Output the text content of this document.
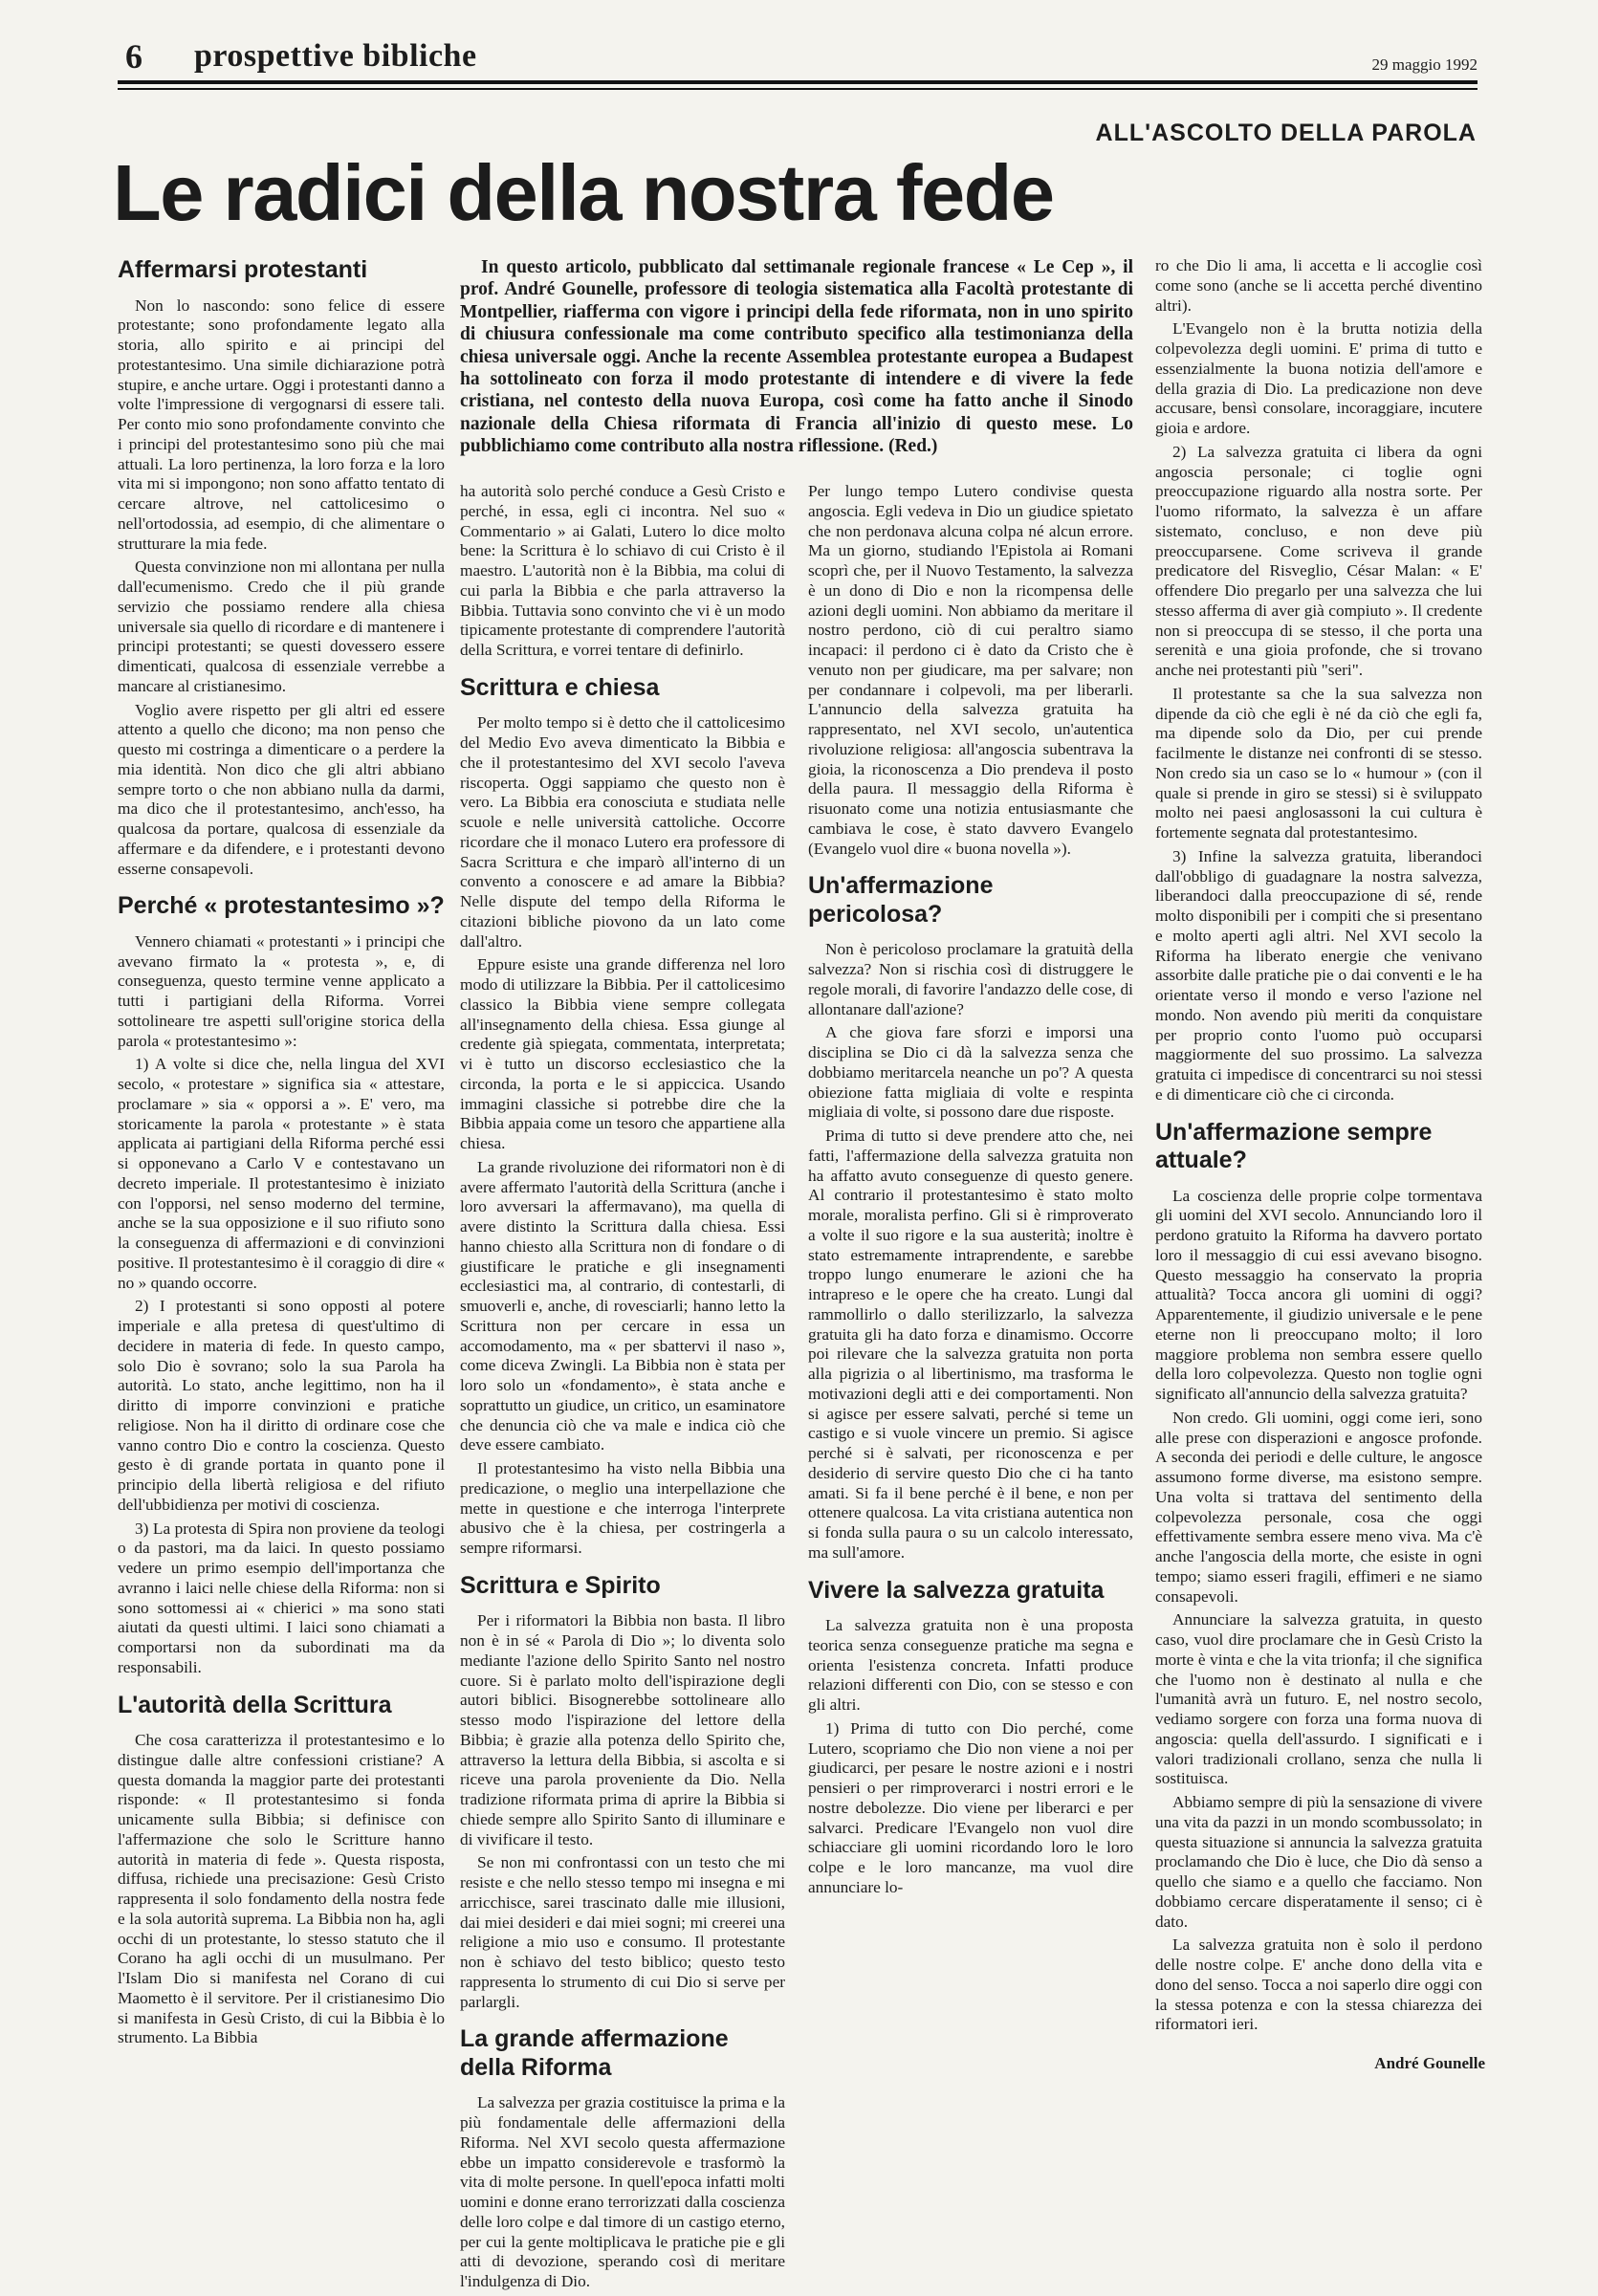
6 prospettive bibliche	29 maggio 1992
ALL'ASCOLTO DELLA PAROLA
Le radici della nostra fede
Affermarsi protestanti

Non lo nascondo: sono felice di essere protestante; sono profondamente legato alla storia, allo spirito e ai principi del protestantesimo. Una simile dichiarazione potrà stupire, e anche urtare. Oggi i protestanti danno a volte l'impressione di vergognarsi di essere tali. Per conto mio sono profondamente convinto che i principi del protestantesimo sono più che mai attuali. La loro pertinenza, la loro forza e la loro vita mi si impongono; non sono affatto tentato di cercare altrove, nel cattolicesimo o nell'ortodossia, ad esempio, di che alimentare o strutturare la mia fede.

Questa convinzione non mi allontana per nulla dall'ecumenismo. Credo che il più grande servizio che possiamo rendere alla chiesa universale sia quello di ricordare e di mantenere i principi protestanti; se questi dovessero essere dimenticati, qualcosa di essenziale verrebbe a mancare al cristianesimo.

Voglio avere rispetto per gli altri ed essere attento a quello che dicono; ma non penso che questo mi costringa a dimenticare o a perdere la mia identità. Non dico che gli altri abbiano sempre torto o che non abbiano nulla da darmi, ma dico che il protestantesimo, anch'esso, ha qualcosa da portare, qualcosa di essenziale da affermare e da difendere, e i protestanti devono esserne consapevoli.

Perché « protestantesimo »?

Vennero chiamati « protestanti » i principi che avevano firmato la « protesta », e, di conseguenza, questo termine venne applicato a tutti i partigiani della Riforma. Vorrei sottolineare tre aspetti sull'origine storica della parola « protestantesimo »:

1) A volte si dice che, nella lingua del XVI secolo, « protestare » significa sia « attestare, proclamare » sia « opporsi a ». E' vero, ma storicamente la parola « protestante » è stata applicata ai partigiani della Riforma perché essi si opponevano a Carlo V e contestavano un decreto imperiale. Il protestantesimo è iniziato con l'opporsi, nel senso moderno del termine, anche se la sua opposizione e il suo rifiuto sono la conseguenza di affermazioni e di convinzioni positive. Il protestantesimo è il coraggio di dire « no » quando occorre.

2) I protestanti si sono opposti al potere imperiale e alla pretesa di quest'ultimo di decidere in materia di fede. In questo campo, solo Dio è sovrano; solo la sua Parola ha autorità. Lo stato, anche legittimo, non ha il diritto di imporre convinzioni e pratiche religiose. Non ha il diritto di ordinare cose che vanno contro Dio e contro la coscienza. Questo gesto è di grande portata in quanto pone il principio della libertà religiosa e del rifiuto dell'ubbidienza per motivi di coscienza.

3) La protesta di Spira non proviene da teologi o da pastori, ma da laici. In questo possiamo vedere un primo esempio dell'importanza che avranno i laici nelle chiese della Riforma: non si sono sottomessi ai « chierici » ma sono stati aiutati da questi ultimi. I laici sono chiamati a comportarsi non da subordinati ma da responsabili.

L'autorità della Scrittura

Che cosa caratterizza il protestantesimo e lo distingue dalle altre confessioni cristiane? A questa domanda la maggior parte dei protestanti risponde: « Il protestantesimo si fonda unicamente sulla Bibbia; si definisce con l'affermazione che solo le Scritture hanno autorità in materia di fede ». Questa risposta, diffusa, richiede una precisazione: Gesù Cristo rappresenta il solo fondamento della nostra fede e la sola autorità suprema. La Bibbia non ha, agli occhi di un protestante, lo stesso statuto che il Corano ha agli occhi di un musulmano. Per l'Islam Dio si manifesta nel Corano di cui Maometto è il servitore. Per il cristianesimo Dio si manifesta in Gesù Cristo, di cui la Bibbia è lo strumento. La Bibbia

In questo articolo, pubblicato dal settimanale regionale francese « Le Cep », il prof. André Gounelle, professore di teologia sistematica alla Facoltà protestante di Montpellier, riafferma con vigore i principi della fede riformata, non in uno spirito di chiusura confessionale ma come contributo specifico alla testimonianza della chiesa universale oggi. Anche la recente Assemblea protestante europea a Budapest ha sottolineato con forza il modo protestante di intendere e di vivere la fede cristiana, nel contesto della nuova Europa, così come ha fatto anche il Sinodo nazionale della Chiesa riformata di Francia all'inizio di questo mese. Lo pubblichiamo come contributo alla nostra riflessione. (Red.)

ha autorità solo perché conduce a Gesù Cristo e perché, in essa, egli ci incontra. Nel suo « Commentario » ai Galati, Lutero lo dice molto bene: la Scrittura è lo schiavo di cui Cristo è il maestro. L'autorità non è la Bibbia, ma colui di cui parla la Bibbia e che parla attraverso la Bibbia. Tuttavia sono convinto che vi è un modo tipicamente protestante di comprendere l'autorità della Scrittura, e vorrei tentare di definirlo.

Scrittura e chiesa

Per molto tempo si è detto che il cattolicesimo del Medio Evo aveva dimenticato la Bibbia e che il protestantesimo del XVI secolo l'aveva riscoperta. Oggi sappiamo che questo non è vero. La Bibbia era conosciuta e studiata nelle scuole e nelle università cattoliche. Occorre ricordare che il monaco Lutero era professore di Sacra Scrittura e che imparò all'interno di un convento a conoscere e ad amare la Bibbia? Nelle dispute del tempo della Riforma le citazioni bibliche piovono da un lato come dall'altro.

Eppure esiste una grande differenza nel loro modo di utilizzare la Bibbia. Per il cattolicesimo classico la Bibbia viene sempre collegata all'insegnamento della chiesa. Essa giunge al credente già spiegata, commentata, interpretata; vi è tutto un discorso ecclesiastico che la circonda, la porta e le si appiccica. Usando immagini classiche si potrebbe dire che la Bibbia appaia come un tesoro che appartiene alla chiesa.

La grande rivoluzione dei riformatori non è di avere affermato l'autorità della Scrittura (anche i loro avversari la affermavano), ma quella di avere distinto la Scrittura dalla chiesa. Essi hanno chiesto alla Scrittura non di fondare o di giustificare le pratiche e gli insegnamenti ecclesiastici ma, al contrario, di contestarli, di smuoverli e, anche, di rovesciarli; hanno letto la Scrittura non per cercare in essa un accomodamento, ma « per sbattervi il naso », come diceva Zwingli. La Bibbia non è stata per loro solo un «fondamento», è stata anche e soprattutto un giudice, un critico, un esaminatore che denuncia ciò che va male e indica ciò che deve essere cambiato.

Il protestantesimo ha visto nella Bibbia una predicazione, o meglio una interpellazione che mette in questione e che interroga l'interprete abusivo che è la chiesa, per costringerla a sempre riformarsi.

Scrittura e Spirito

Per i riformatori la Bibbia non basta. Il libro non è in sé « Parola di Dio »; lo diventa solo mediante l'azione dello Spirito Santo nel nostro cuore. Si è parlato molto dell'ispirazione degli autori biblici. Bisognerebbe sottolineare allo stesso modo l'ispirazione del lettore della Bibbia; è grazie alla potenza dello Spirito che, attraverso la lettura della Bibbia, si ascolta e si riceve una parola proveniente da Dio. Nella tradizione riformata prima di aprire la Bibbia si chiede sempre allo Spirito Santo di illuminare e di vivificare il testo.

Se non mi confrontassi con un testo che mi resiste e che nello stesso tempo mi insegna e mi arricchisce, sarei trascinato dalle mie illusioni, dai miei desideri e dai miei sogni; mi creerei una religione a mio uso e consumo. Il protestante non è schiavo del testo biblico; questo testo rappresenta lo strumento di cui Dio si serve per parlargli.

La grande affermazione della Riforma

La salvezza per grazia costituisce la prima e la più fondamentale delle affermazioni della Riforma. Nel XVI secolo questa affermazione ebbe un impatto considerevole e trasformò la vita di molte persone. In quell'epoca infatti molti uomini e donne erano terrorizzati dalla coscienza delle loro colpe e dal timore di un castigo eterno, per cui la gente moltiplicava le pratiche pie e gli atti di devozione, sperando così di meritare l'indulgenza di Dio.

Per lungo tempo Lutero condivise questa angoscia. Egli vedeva in Dio un giudice spietato che non perdonava alcuna colpa né alcun errore. Ma un giorno, studiando l'Epistola ai Romani scoprì che, per il Nuovo Testamento, la salvezza è un dono di Dio e non la ricompensa delle azioni degli uomini. Non abbiamo da meritare il nostro perdono, ciò di cui peraltro siamo incapaci: il perdono ci è dato da Cristo che è venuto non per giudicare, ma per salvare; non per condannare i colpevoli, ma per liberarli. L'annuncio della salvezza gratuita ha rappresentato, nel XVI secolo, un'autentica rivoluzione religiosa: all'angoscia subentrava la gioia, la riconoscenza a Dio prendeva il posto della paura. Il messaggio della Riforma è risuonato come una notizia entusiasmante che cambiava le cose, è stato davvero Evangelo (Evangelo vuol dire « buona novella »).

Un'affermazione pericolosa?

Non è pericoloso proclamare la gratuità della salvezza? Non si rischia così di distruggere le regole morali, di favorire l'andazzo delle cose, di allontanare dall'azione?

A che giova fare sforzi e imporsi una disciplina se Dio ci dà la salvezza senza che dobbiamo meritarcela neanche un po'? A questa obiezione fatta migliaia di volte e respinta migliaia di volte, si possono dare due risposte.

Prima di tutto si deve prendere atto che, nei fatti, l'affermazione della salvezza gratuita non ha affatto avuto conseguenze di questo genere. Al contrario il protestantesimo è stato molto morale, moralista perfino. Gli si è rimproverato a volte il suo rigore e la sua austerità; inoltre è stato estremamente intraprendente, e sarebbe troppo lungo enumerare le azioni che ha intrapreso e le opere che ha creato. Lungi dal rammollirlo o dallo sterilizzarlo, la salvezza gratuita gli ha dato forza e dinamismo. Occorre poi rilevare che la salvezza gratuita non porta alla pigrizia o al libertinismo, ma trasforma le motivazioni degli atti e dei comportamenti. Non si agisce per essere salvati, perché si teme un castigo e si vuole vincere un premio. Si agisce perché si è salvati, per riconoscenza e per desiderio di servire questo Dio che ci ha tanto amati. Si fa il bene perché è il bene, e non per ottenere qualcosa. La vita cristiana autentica non si fonda sulla paura o su un calcolo interessato, ma sull'amore.

Vivere la salvezza gratuita

La salvezza gratuita non è una proposta teorica senza conseguenze pratiche ma segna e orienta l'esistenza concreta. Infatti produce relazioni differenti con Dio, con se stesso e con gli altri.

1) Prima di tutto con Dio perché, come Lutero, scopriamo che Dio non viene a noi per giudicarci, per pesare le nostre azioni e i nostri pensieri o per rimproverarci i nostri errori e le nostre debolezze. Dio viene per liberarci e per salvarci. Predicare l'Evangelo non vuol dire schiacciare gli uomini ricordando loro le loro colpe e le loro mancanze, ma vuol dire annunciare lo-

ro che Dio li ama, li accetta e li accoglie così come sono (anche se li accetta perché diventino altri).

L'Evangelo non è la brutta notizia della colpevolezza degli uomini. E' prima di tutto e essenzialmente la buona notizia dell'amore e della grazia di Dio. La predicazione non deve accusare, bensì consolare, incoraggiare, incutere gioia e ardore.

2) La salvezza gratuita ci libera da ogni angoscia personale; ci toglie ogni preoccupazione riguardo alla nostra sorte. Per l'uomo riformato, la salvezza è un affare sistemato, concluso, e non deve più preoccuparsene. Come scriveva il grande predicatore del Risveglio, César Malan: « E' offendere Dio pregarlo per una salvezza che lui stesso afferma di aver già compiuto ». Il credente non si preoccupa di se stesso, il che porta una serenità e una gioia profonde, che si trovano anche nei protestanti più "seri".

Il protestante sa che la sua salvezza non dipende da ciò che egli è né da ciò che egli fa, ma dipende solo da Dio, per cui prende facilmente le distanze nei confronti di se stesso. Non credo sia un caso se lo « humour » (con il quale si prende in giro se stessi) si è sviluppato molto nei paesi anglosassoni la cui cultura è fortemente segnata dal protestantesimo.

3) Infine la salvezza gratuita, liberandoci dall'obbligo di guadagnare la nostra salvezza, liberandoci dalla preoccupazione di sé, rende molto disponibili per i compiti che si presentano e molto aperti agli altri. Nel XVI secolo la Riforma ha liberato energie che venivano assorbite dalle pratiche pie o dai conventi e le ha orientate verso il mondo e verso l'azione nel mondo. Non avendo più meriti da conquistare per proprio conto l'uomo può occuparsi maggiormente del suo prossimo. La salvezza gratuita ci impedisce di concentrarci su noi stessi e di dimenticare ciò che ci circonda.

Un'affermazione sempre attuale?

La coscienza delle proprie colpe tormentava gli uomini del XVI secolo. Annunciando loro il perdono gratuito la Riforma ha davvero portato loro il messaggio di cui essi avevano bisogno. Questo messaggio ha conservato la propria attualità? Tocca ancora gli uomini di oggi? Apparentemente, il giudizio universale e le pene eterne non li preoccupano molto; il loro maggiore problema non sembra essere quello della loro colpevolezza. Questo non toglie ogni significato all'annuncio della salvezza gratuita?

Non credo. Gli uomini, oggi come ieri, sono alle prese con disperazioni e angosce profonde. A seconda dei periodi e delle culture, le angosce assumono forme diverse, ma esistono sempre. Una volta si trattava del sentimento della colpevolezza personale, cosa che oggi effettivamente sembra essere meno viva. Ma c'è anche l'angoscia della morte, che esiste in ogni tempo; siamo esseri fragili, effimeri e ne siamo consapevoli.

Annunciare la salvezza gratuita, in questo caso, vuol dire proclamare che in Gesù Cristo la morte è vinta e che la vita trionfa; il che significa che l'uomo non è destinato al nulla e che l'umanità avrà un futuro. E, nel nostro secolo, vediamo sorgere con forza una forma nuova di angoscia: quella dell'assurdo. I significati e i valori tradizionali crollano, senza che nulla li sostituisca.

Abbiamo sempre di più la sensazione di vivere una vita da pazzi in un mondo scombussolato; in questa situazione si annuncia la salvezza gratuita proclamando che Dio è luce, che Dio dà senso a quello che siamo e a quello che facciamo. Non dobbiamo cercare disperatamente il senso; ci è dato.

La salvezza gratuita non è solo il perdono delle nostre colpe. E' anche dono della vita e dono del senso. Tocca a noi saperlo dire oggi con la stessa potenza e con la stessa chiarezza dei riformatori ieri.

André Gounelle
